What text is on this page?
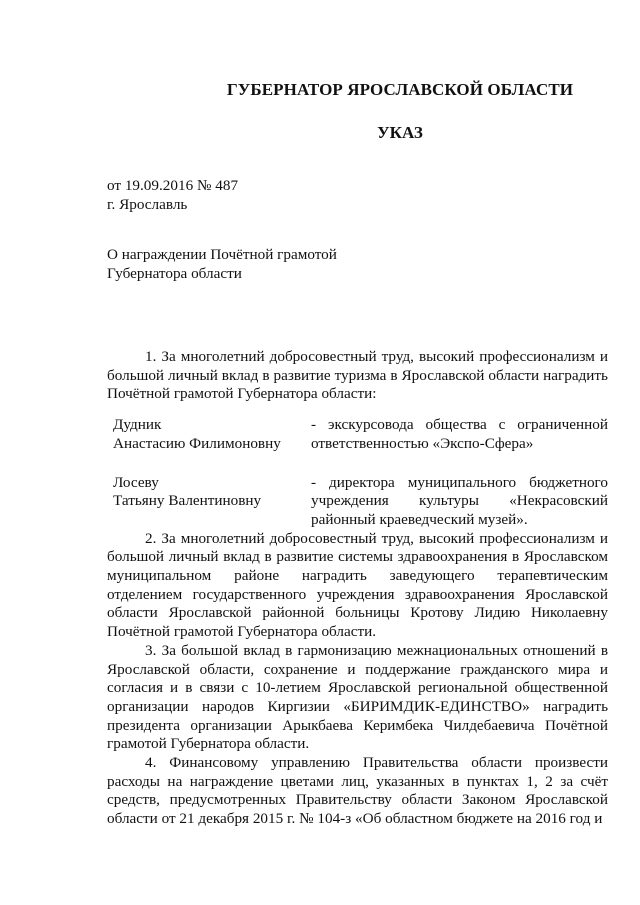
ГУБЕРНАТОР ЯРОСЛАВСКОЙ ОБЛАСТИ
УКАЗ
от 19.09.2016 № 487
г. Ярославль
О награждении Почётной грамотой
Губернатора области

1. За многолетний добросовестный труд, высокий профессионализм и большой личный вклад в развитие туризма в Ярославской области наградить Почётной грамотой Губернатора области:

Дудник
Анастасию Филимоновну
- экскурсовода общества с ограниченной ответственностью «Экспо-Сфера»
Лосеву
Татьяну Валентиновну
- директора муниципального бюджетного учреждения культуры «Некрасовский районный краеведческий музей».

2. За многолетний добросовестный труд, высокий профессионализм и большой личный вклад в развитие системы здравоохранения в Ярославском муниципальном районе наградить заведующего терапевтическим отделением государственного учреждения здравоохранения Ярославской области Ярославской районной больницы Кротову Лидию Николаевну Почётной грамотой Губернатора области.

3. За большой вклад в гармонизацию межнациональных отношений в Ярославской области, сохранение и поддержание гражданского мира и согласия и в связи с 10-летием Ярославской региональной общественной организации народов Киргизии «БИРИМДИК-ЕДИНСТВО» наградить президента организации Арыкбаева Керимбека Чилдебаевича Почётной грамотой Губернатора области.

4. Финансовому управлению Правительства области произвести расходы на награждение цветами лиц, указанных в пунктах 1, 2 за счёт средств, предусмотренных Правительству области Законом Ярославской области от 21 декабря 2015 г. № 104-з «Об областном бюджете на 2016 год и
